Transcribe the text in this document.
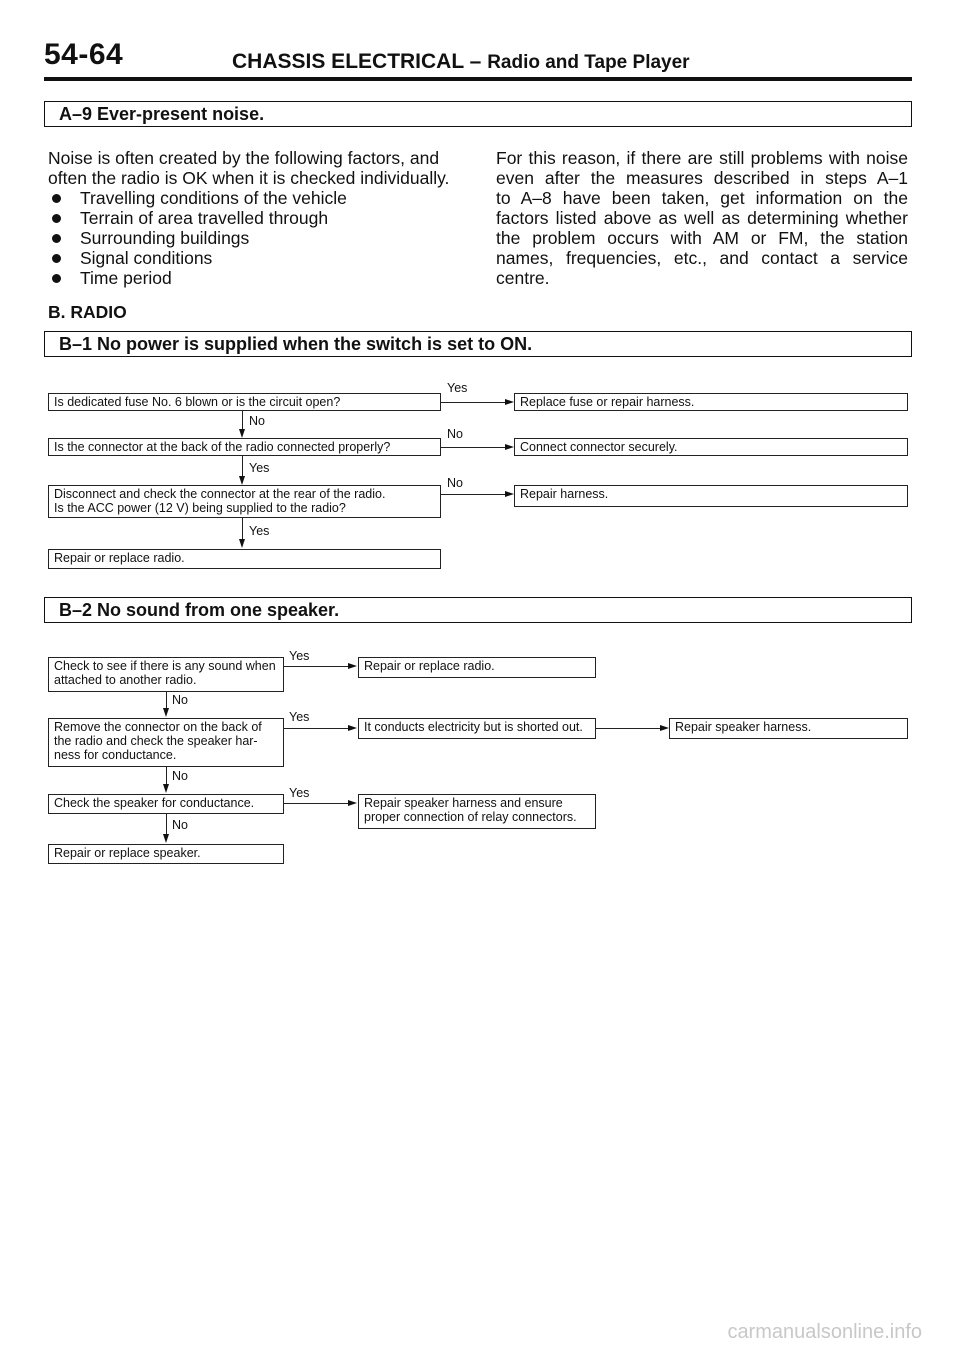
54-64	CHASSIS ELECTRICAL – Radio and Tape Player
A–9 Ever-present noise.

Noise is often created by the following factors, and

often the radio is OK when it is checked individually.

Travelling conditions of the vehicle

Terrain of area travelled through

Surrounding buildings

Signal conditions

Time period

For this reason, if there are still problems with noise

even after the measures described in steps A–1

to A–8 have been taken, get information on the

factors listed above as well as determining whether

the problem occurs with AM or FM, the station

names, frequencies, etc., and contact a service

centre.

B. RADIO
B–1 No power is supplied when the switch is set to ON.
Is dedicated fuse No. 6 blown or is the circuit open?
Yes
Replace fuse or repair harness.
No
Is the connector at the back of the radio connected properly?
No
Connect connector securely.
Yes
Disconnect and check the connector at the rear of the radio.
Is the ACC power (12 V) being supplied to the radio?
No
Repair harness.
Yes
Repair or replace radio.
B–2 No sound from one speaker.
Check to see if there is any sound when
attached to another radio.
Yes
Repair or replace radio.
No
Remove the connector on the back of
the radio and check the speaker har-
ness for conductance.
Yes
It conducts electricity but is shorted out.	Repair speaker harness.
No
Check the speaker for conductance.
Yes
Repair speaker harness and ensure
proper connection of relay connectors.
No
Repair or replace speaker.
carmanualsonline.info
